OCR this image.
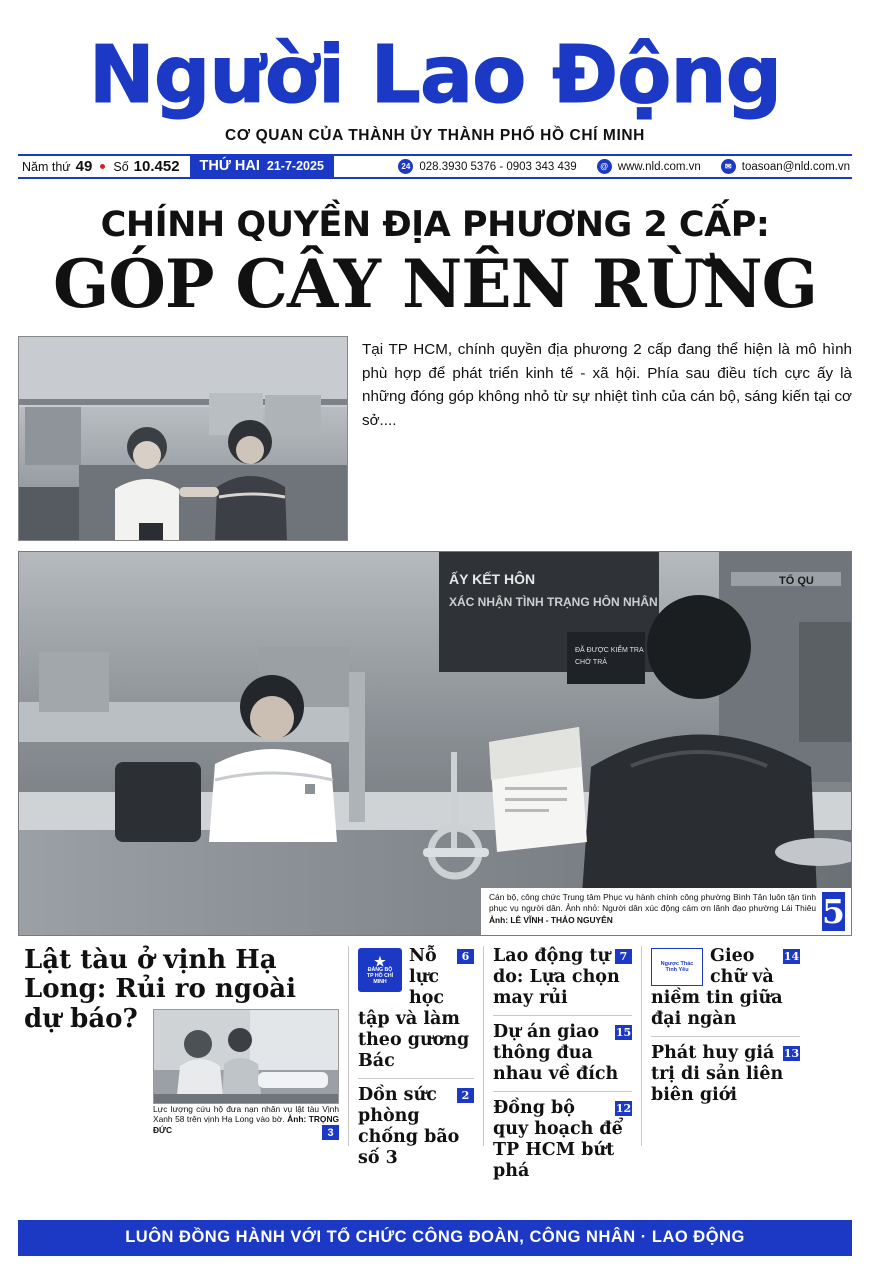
Người Lao Động
CƠ QUAN CỦA THÀNH ỦY THÀNH PHỐ HỒ CHÍ MINH
Năm thứ 49 Số 10.452 THỨ HAI 21-7-2025	24 028.3930 5376 - 0903 343 439	@ www.nld.com.vn	✉ toasoan@nld.com.vn
CHÍNH QUYỀN ĐỊA PHƯƠNG 2 CẤP:
GÓP CÂY NÊN RỪNG
Tại TP HCM, chính quyền địa phương 2 cấp đang thể hiện là mô hình phù hợp để phát triển kinh tế - xã hội. Phía sau điều tích cực ấy là những đóng góp không nhỏ từ sự nhiệt tình của cán bộ, sáng kiến tại cơ sở....
ẤY KẾT HÔN
XÁC NHẬN TÌNH TRẠNG HÔN NHÂN
ĐÃ ĐƯỢC KIỂM TRA
CHỜ TRẢ
TỔ QU
Cán bộ, công chức Trung tâm Phục vụ hành chính công phường Bình Tân luôn tận tình phục vụ người dân. Ảnh nhỏ: Người dân xúc động cảm ơn lãnh đạo phường Lái Thiêu Ảnh: LÊ VĨNH - THẢO NGUYÊN	5
Lật tàu ở vịnh Hạ Long: Rủi ro ngoài dự báo?
Lực lượng cứu hộ đưa nạn nhân vụ lật tàu Vịnh Xanh 58 trên vịnh Hạ Long vào bờ. Ảnh: TRỌNG ĐỨC	3
★
ĐẢNG BỘ
TP HỒ CHÍ MINH
6
Nỗ lực học tập và làm theo gương Bác
2
Dồn sức phòng chống bão số 3
7
Lao động tự do: Lựa chọn may rủi
15
Dự án giao thông đua nhau về đích
12
Đồng bộ quy hoạch để TP HCM bứt phá
Ngược Thác
Tình Yêu
14
Gieo chữ và niềm tin giữa đại ngàn
13
Phát huy giá trị di sản liên biên giới
LUÔN ĐỒNG HÀNH VỚI TỔ CHỨC CÔNG ĐOÀN, CÔNG NHÂN · LAO ĐỘNG
